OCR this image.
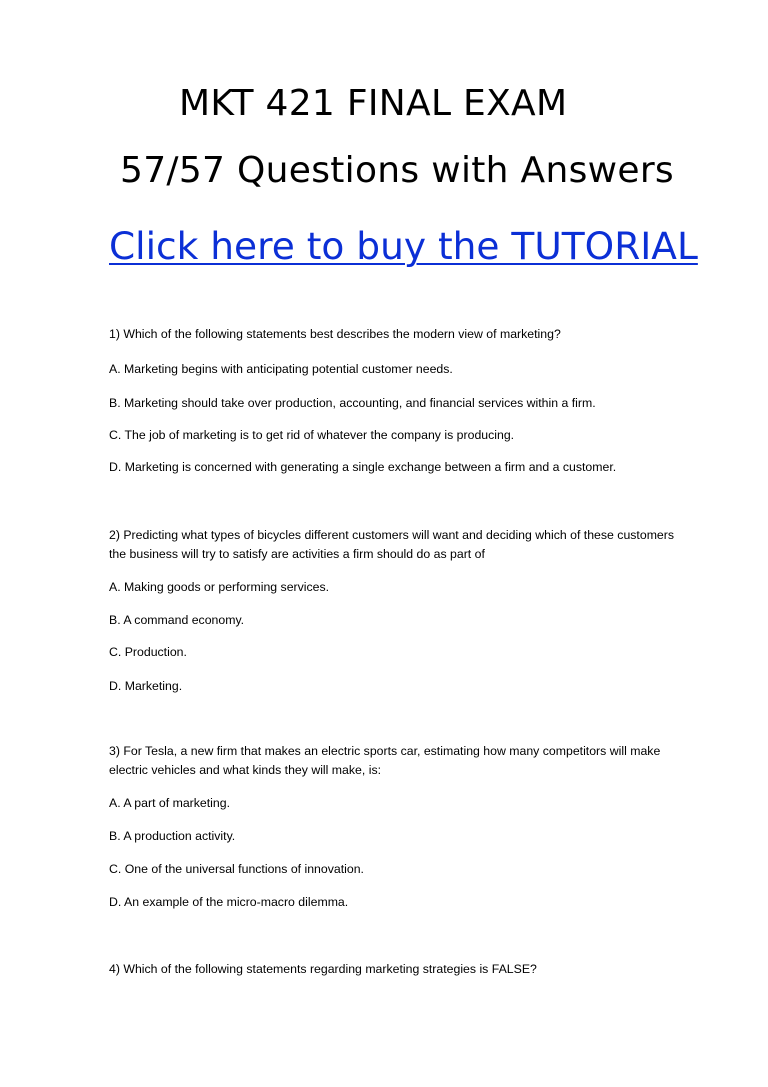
MKT 421 FINAL EXAM
57/57 Questions with Answers
Click here to buy the TUTORIAL
1) Which of the following statements best describes the modern view of marketing?
A. Marketing begins with anticipating potential customer needs.
B. Marketing should take over production, accounting, and financial services within a firm.
C. The job of marketing is to get rid of whatever the company is producing.
D. Marketing is concerned with generating a single exchange between a firm and a customer.
2) Predicting what types of bicycles different customers will want and deciding which of these customers
the business will try to satisfy are activities a firm should do as part of
A. Making goods or performing services.
B. A command economy.
C. Production.
D. Marketing.
3) For Tesla, a new firm that makes an electric sports car, estimating how many competitors will make
electric vehicles and what kinds they will make, is:
A. A part of marketing.
B. A production activity.
C. One of the universal functions of innovation.
D. An example of the micro-macro dilemma.
4) Which of the following statements regarding marketing strategies is FALSE?
